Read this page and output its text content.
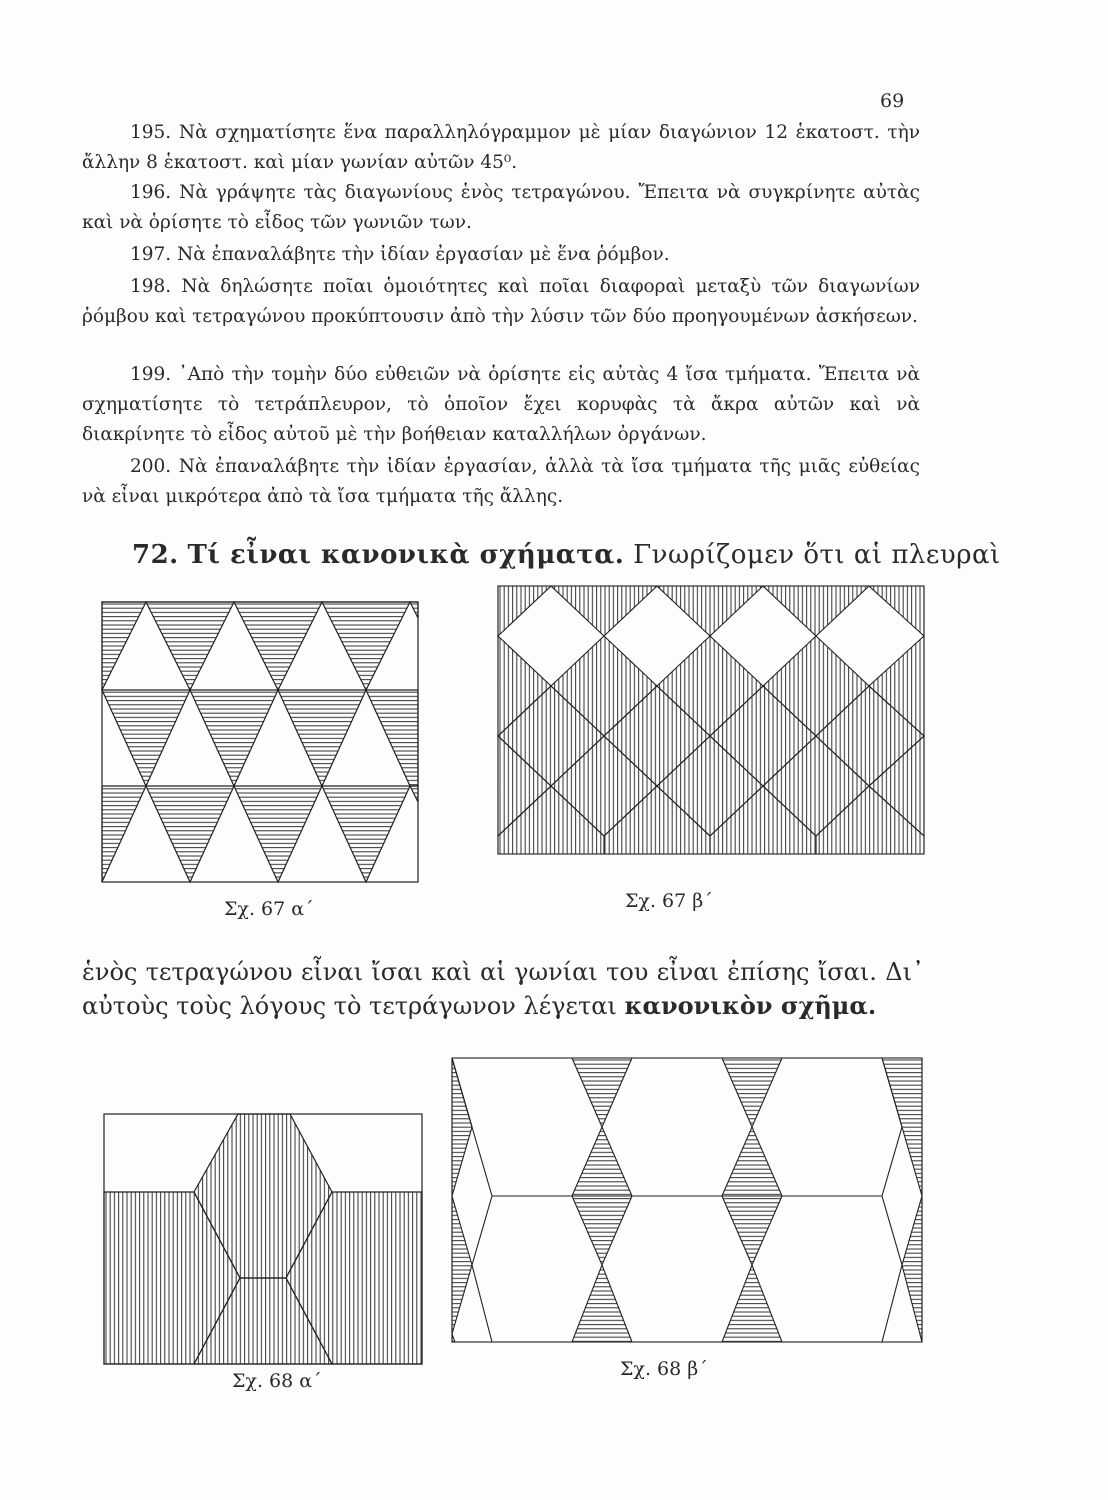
69
195. Νὰ σχηματίσητε ἕνα παραλληλόγραμμον μὲ μίαν διαγώνιον 12 ἑκατοστ. τὴν ἄλλην 8 ἑκατοστ. καὶ μίαν γωνίαν αὐτῶν 45⁰.
196. Νὰ γράψητε τὰς διαγωνίους ἑνὸς τετραγώνου. Ἔπειτα νὰ συγκρίνητε αὐτὰς καὶ νὰ ὁρίσητε τὸ εἶδος τῶν γωνιῶν των.
197. Νὰ ἐπαναλάβητε τὴν ἰδίαν ἐργασίαν μὲ ἕνα ῥόμβον.
198. Νὰ δηλώσητε ποῖαι ὁμοιότητες καὶ ποῖαι διαφοραὶ μεταξὺ τῶν διαγωνίων ῥόμβου καὶ τετραγώνου προκύπτουσιν ἀπὸ τὴν λύσιν τῶν δύο προηγουμένων ἀσκήσεων.
199. ᾿Απὸ τὴν τομὴν δύο εὐθειῶν νὰ ὁρίσητε εἰς αὐτὰς 4 ἴσα τμήματα. Ἔπειτα νὰ σχηματίσητε τὸ τετράπλευρον, τὸ ὁποῖον ἔχει κορυφὰς τὰ ἄκρα αὐτῶν καὶ νὰ διακρίνητε τὸ εἶδος αὐτοῦ μὲ τὴν βοήθειαν καταλλήλων ὀργάνων.
200. Νὰ ἐπαναλάβητε τὴν ἰδίαν ἐργασίαν, ἀλλὰ τὰ ἴσα τμήματα τῆς μιᾶς εὐθείας νὰ εἶναι μικρότερα ἀπὸ τὰ ἴσα τμήματα τῆς ἄλλης.
72. Τί εἶναι κανονικὰ σχήματα. Γνωρίζομεν ὅτι αἱ πλευραὶ
Σχ. 67 α΄	Σχ. 67 β΄
ἑνὸς τετραγώνου εἶναι ἴσαι καὶ αἱ γωνίαι του εἶναι ἐπίσης ἴσαι. Δι᾿ αὐτοὺς τοὺς λόγους τὸ τετράγωνον λέγεται κανονικὸν σχῆμα.
Σχ. 68 α΄
Σχ. 68 β΄
